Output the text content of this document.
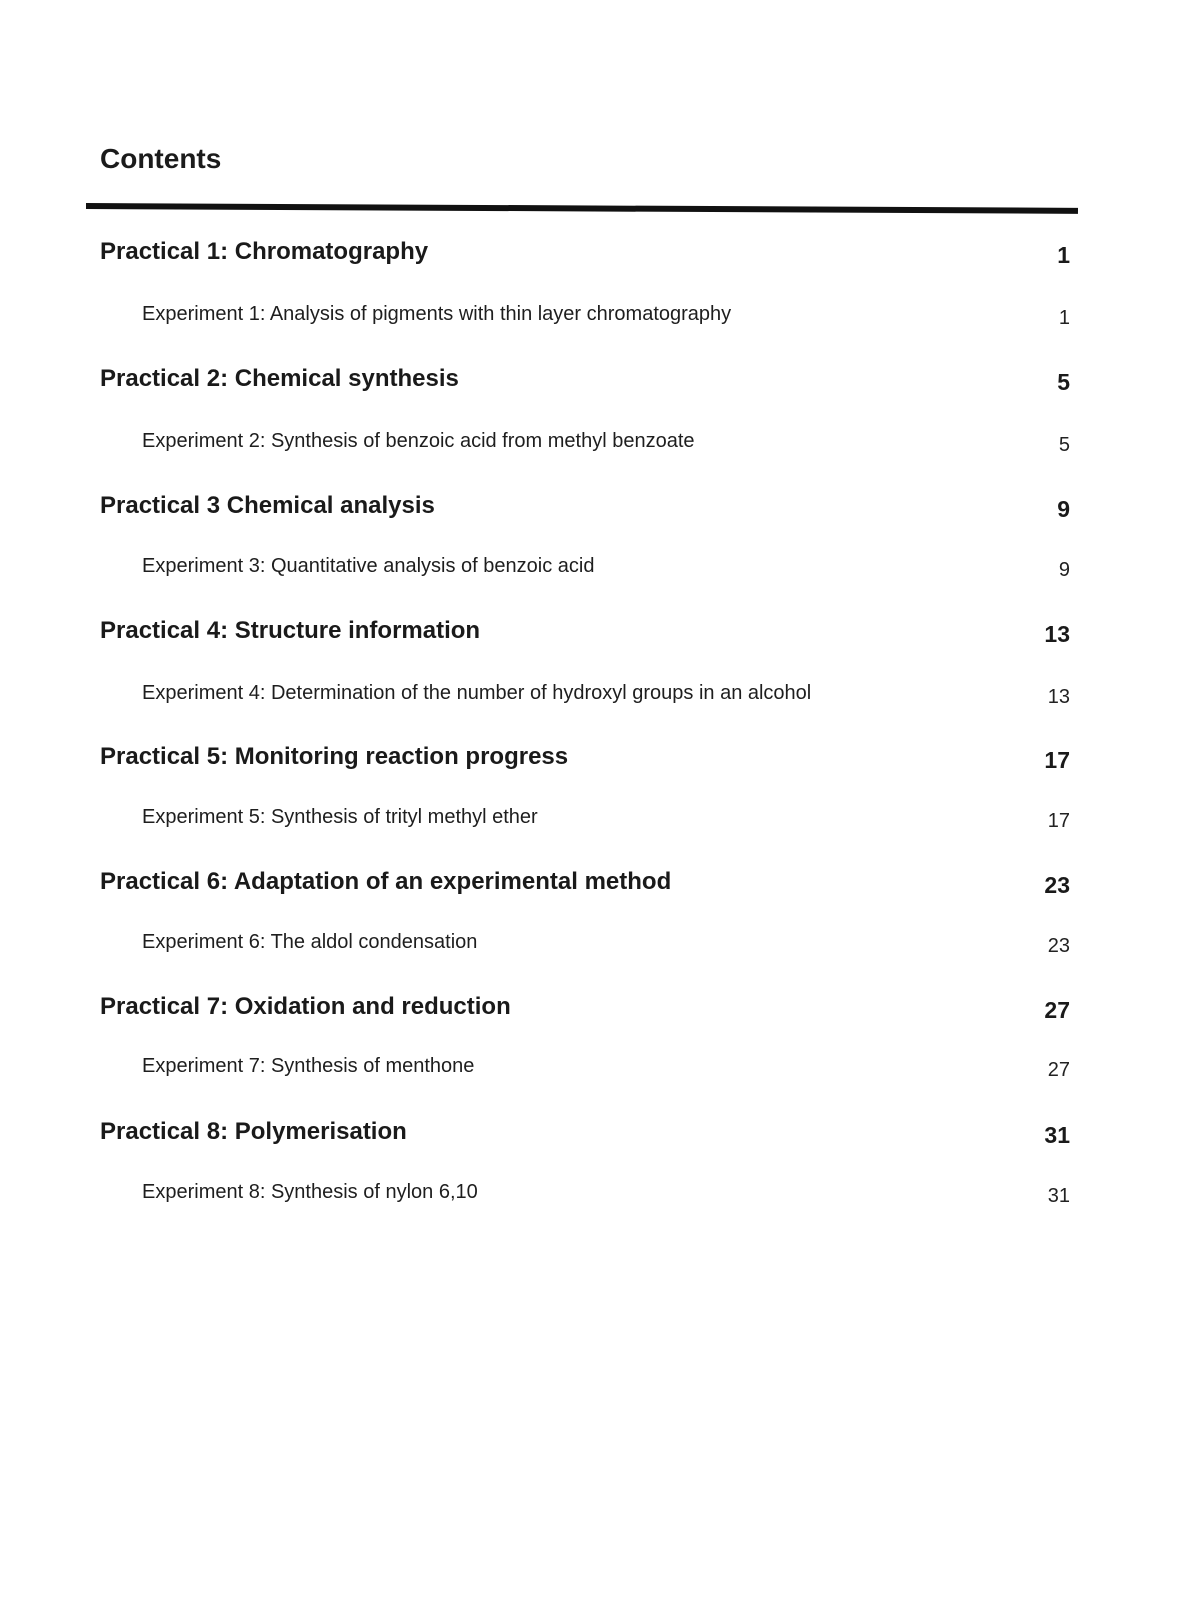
Contents
Practical 1: Chromatography	1
Experiment 1: Analysis of pigments with thin layer chromatography	1
Practical 2: Chemical synthesis	5
Experiment 2: Synthesis of benzoic acid from methyl benzoate	5
Practical 3 Chemical analysis	9
Experiment 3: Quantitative analysis of benzoic acid	9
Practical 4: Structure information	13
Experiment 4: Determination of the number of hydroxyl groups in an alcohol	13
Practical 5: Monitoring reaction progress	17
Experiment 5: Synthesis of trityl methyl ether	17
Practical 6: Adaptation of an experimental method	23
Experiment 6: The aldol condensation	23
Practical 7: Oxidation and reduction	27
Experiment 7: Synthesis of menthone	27
Practical 8: Polymerisation	31
Experiment 8: Synthesis of nylon 6,10	31
